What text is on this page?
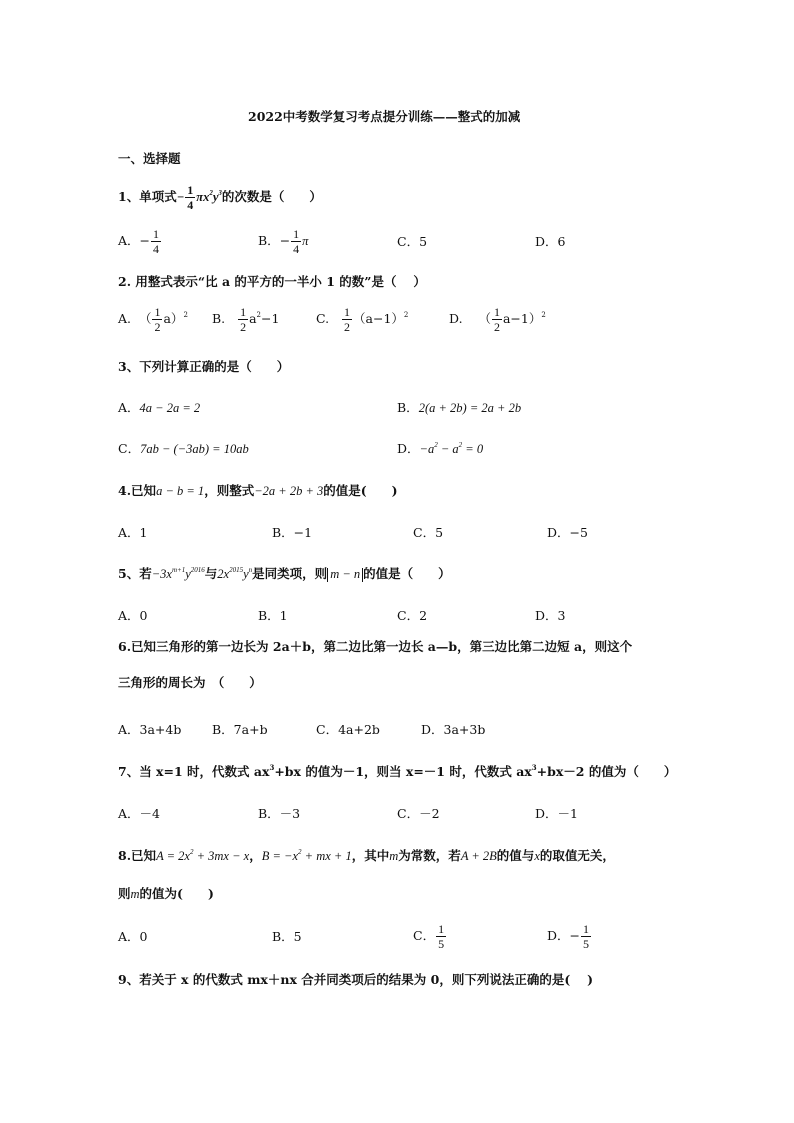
2022中考数学复习考点提分训练——整式的加减
一、选择题
1、单项式− $\frac{1}{4} \pi x^2y^3$的次数是（　　）
A．− $\frac{1}{4}$	B．− $\frac{1}{4}$ π	C．5	D．6
2. 用整式表示“比 a 的平方的一半小 1 的数”是（　 ）
A. （ $\frac{1}{2} a)^2$ B. $\frac{1}{2} a^2-1$	C. $\frac{1}{2} (a-1)^2$	D. （ $\frac{1}{2} a-1)^2$
3、下列计算正确的是（　　）
A．4a − 2a = 2	B．2(a + 2b) = 2a + 2b
C．7ab − (−3ab) = 10ab	D．$-a^2 - a^2 = 0$
4.已知a − b = 1，则整式−2a + 2b + 3的值是(　　)
A．1	B．−1	C．5	D．−5
5、若$-3x^{m+1}y^{2016}$与$2x^{2015}y^n$是同类项，则 m − n 的值是（　　）
A．0	B．1	C．2	D．3
6.已知三角形的第一边长为 2a＋b，第二边比第一边长 a—b，第三边比第二边短 a，则这个
三角形的周长为　（　　）
A．3a+4b B．7a+b	C．4a+2b	D．3a+3b
7、当 x=1 时，代数式 $ax^3+bx$ 的值为－1，则当 x=－1 时，代数式 $ax^3+bx-2$ 的值为（　　）
A．－4	B．－3	C．－2	D．－1
8.已知$A = 2x^2 + 3mx - x$，$B = -x^2$ + mx + 1，其中m为常数，若A + 2B的值与x的取值无关，
则m的值为(　　)
A．0	B．5	C． $\frac{1}{5}$	D．− $\frac{1}{5}$
9、若关于 x 的代数式 mx＋nx 合并同类项后的结果为 0，则下列说法正确的是(　 )
